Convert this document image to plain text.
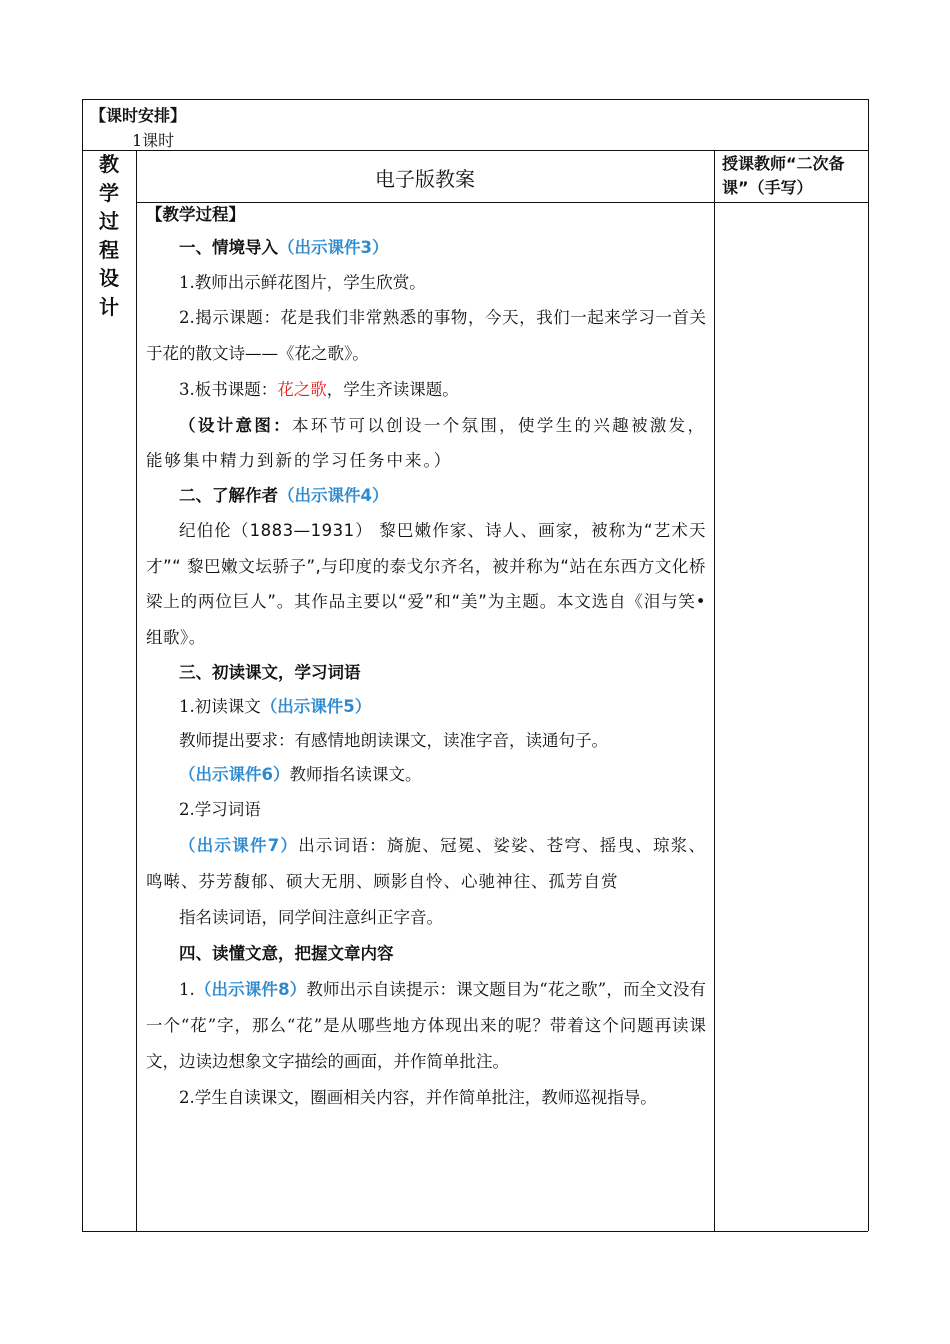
【课时安排】
1课时
教
学
过
程
设
计
电子版教案
授课教师“二次备课”（手写）

【教学过程】

一、情境导入（出示课件3）

1.教师出示鲜花图片，学生欣赏。

2.揭示课题：花是我们非常熟悉的事物，今天，我们一起来学习一首关于花的散文诗——《花之歌》。

3.板书课题：花之歌，学生齐读课题。

（设计意图：本环节可以创设一个氛围，使学生的兴趣被激发，能够集中精力到新的学习任务中来。）

二、了解作者（出示课件4）

纪伯伦（1883—1931） 黎巴嫩作家、诗人、画家，被称为“艺术天才”“ 黎巴嫩文坛骄子”,与印度的泰戈尔齐名，被并称为“站在东西方文化桥梁上的两位巨人”。其作品主要以“爱”和“美”为主题。本文选自《泪与笑•组歌》。

三、初读课文，学习词语

1.初读课文（出示课件5）

教师提出要求：有感情地朗读课文，读准字音，读通句子。

（出示课件6）教师指名读课文。

2.学习词语

（出示课件7）出示词语：旖旎、冠冕、娑娑、苍穹、摇曳、琼浆、鸣啭、芬芳馥郁、硕大无朋、顾影自怜、心驰神往、孤芳自赏

指名读词语，同学间注意纠正字音。

四、读懂文意，把握文章内容

1.（出示课件8）教师出示自读提示：课文题目为“花之歌”，而全文没有一个“花”字，那么“花”是从哪些地方体现出来的呢？带着这个问题再读课文，边读边想象文字描绘的画面，并作简单批注。

2.学生自读课文，圈画相关内容，并作简单批注，教师巡视指导。
